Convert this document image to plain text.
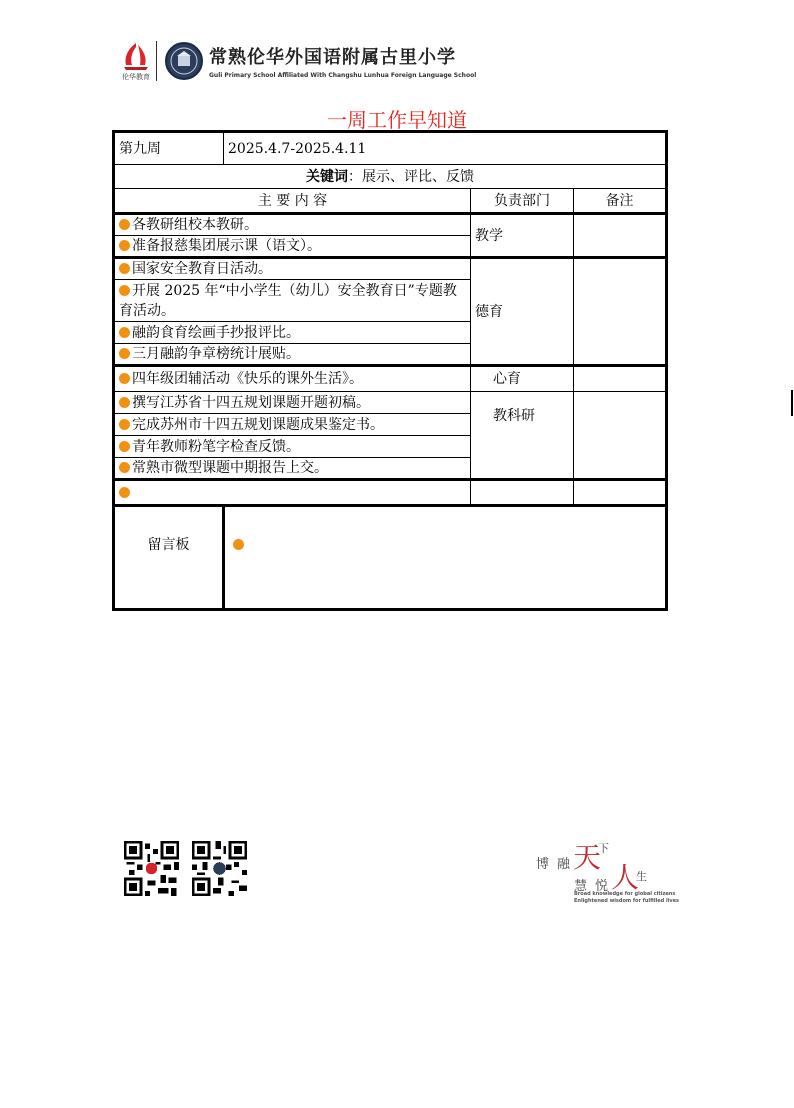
伦华教育
常熟伦华外国语附属古里小学
Guli Primary School Affiliated With Changshu Lunhua Foreign Language School
一周工作早知道
第九周	2025.4.7-2025.4.11		
关键词：展示、评比、反馈			
主 要 内 容		负责部门	备注
各教研组校本教研。		教学	
准备报慈集团展示课（语文）。			
国家安全教育日活动。		德育	
开展 2025 年“中小学生（幼儿）安全教育日”专题教育活动。			
融韵食育绘画手抄报评比。			
三月融韵争章榜统计展贴。			
四年级团辅活动《快乐的课外生活》。		心育	
撰写江苏省十四五规划课题开题初稿。		教科研	
完成苏州市十四五规划课题成果鉴定书。			
青年教师粉笔字检查反馈。			
常熟市微型课题中期报告上交。			

留言板			
博 融 天
下
慧 悦 人
生
Broad knowledge for global citizens
Enlightened wisdom for fulfilled lives
